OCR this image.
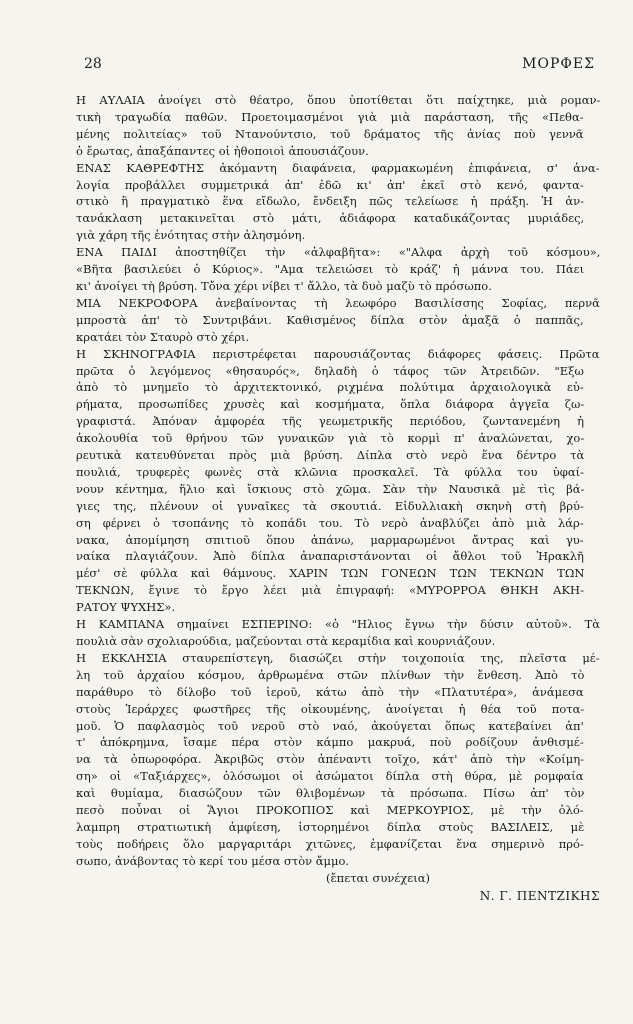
28	ΜΟΡΦΕΣ

Η ΑΥΛΑΙΑ ἀνοίγει στὸ θέατρο, ὅπου ὑποτίθεται ὅτι παίχτηκε, μιὰ ρομαν-
τικὴ τραγωδία παθῶν. Προετοιμασμένοι γιὰ μιὰ παράσταση, τῆς «Πεθα-
μένης πολιτείας» τοῦ Ντανούντσιο, τοῦ δράματος τῆς ἀνίας ποὺ γεννᾶ
ὁ ἔρωτας, ἀπαξάπαντες οἱ ἠθοποιοὶ ἀπουσιάζουν.

ΕΝΑΣ ΚΑΘΡΕΦΤΗΣ ἀκόμαντη διαφάνεια, φαρμακωμένη ἐπιφάνεια, σ' ἀνα-
λογία προβάλλει συμμετρικά ἀπ' ἐδῶ κι' ἀπ' ἐκεῖ στὸ κενό, φαντα-
στικὸ ἢ πραγματικὸ ἕνα εἴδωλο, ἔνδειξη πῶς τελείωσε ἡ πράξη. Ἡ ἀν-
τανάκλαση μετακινεῖται στὸ μάτι, ἀδιάφορα καταδικάζοντας μυριάδες,
γιὰ χάρη τῆς ἑνότητας στὴν ἀλησμόνη.

ΕΝΑ ΠΑΙΔΙ ἀποστηθίζει τὴν «ἀλφαβῆτα»: «"Αλφα ἀρχὴ τοῦ κόσμου»,
«Βῆτα βασιλεύει ὁ Κύριος». "Αμα τελειώσει τὸ κράζ' ἡ μάννα του. Πάει
κι' ἀνοίγει τὴ βρύση. Τὄνα χέρι νίβει τ' ἄλλο, τὰ δυὸ μαζὺ τὸ πρόσωπο.

ΜΙΑ ΝΕΚΡΟΦΟΡΑ ἀνεβαίνοντας τὴ λεωφόρο Βασιλίσσης Σοφίας, περνᾶ
μπροστὰ ἀπ' τὸ Συντριβάνι. Καθισμένος δίπλα στὸν ἀμαξᾶ ὁ παππᾶς,
κρατάει τὸν Σταυρὸ στὸ χέρι.

Η ΣΚΗΝΟΓΡΑΦΙΑ περιστρέφεται παρουσιάζοντας διάφορες φάσεις. Πρῶτα
πρῶτα ὁ λεγόμενος «θησαυρός», δηλαδὴ ὁ τάφος τῶν Ἀτρειδῶν. "Εξω
ἀπὸ τὸ μνημεῖο τὸ ἀρχιτεκτονικό, ριχμένα πολύτιμα ἀρχαιολογικὰ εὑ-
ρήματα, προσωπίδες χρυσὲς καὶ κοσμήματα, ὅπλα διάφορα ἀγγεῖα ζω-
γραφιστά. Ἀπόναν ἀμφορέα τῆς γεωμετρικῆς περιόδου, ζωντανεμένη ἡ
ἀκολουθία τοῦ θρήνου τῶν γυναικῶν γιὰ τὸ κορμὶ π' ἀναλώνεται, χο-
ρευτικὰ κατευθύνεται πρὸς μιὰ βρύση. Δίπλα στὸ νερὸ ἕνα δέντρο τὰ
πουλιά, τρυφερὲς φωνὲς στὰ κλῶνια προσκαλεῖ. Τὰ φύλλα του ὑφαί-
νουν κέντημα, ἥλιο καὶ ἴσκιους στὸ χῶμα. Σὰν τὴν Ναυσικᾶ μὲ τὶς βά-
γιες της, πλένουν οἱ γυναῖκες τὰ σκουτιά. Εἰδυλλιακὴ σκηνὴ στὴ βρύ-
ση φέρνει ὁ τσοπάνης τὸ κοπάδι του. Τὸ νερὸ ἀναβλύζει ἀπὸ μιὰ λάρ-
νακα, ἀπομίμηση σπιτιοῦ ὅπου ἀπάνω, μαρμαρωμένοι ἄντρας καὶ γυ-
ναίκα πλαγιάζουν. Ἀπὸ δίπλα ἀναπαριστάνονται οἱ ἄθλοι τοῦ Ἡρακλῆ
μέσ' σὲ φύλλα καὶ θάμνους. ΧΑΡΙΝ ΤΩΝ ΓΟΝΕΩΝ ΤΩΝ ΤΕΚΝΩΝ ΤΩΝ
ΤΕΚΝΩΝ, ἔγινε τὸ ἔργο λέει μιὰ ἐπιγραφή: «ΜΥΡΟΡΡΟΑ ΘΗΚΗ ΑΚΗ-
ΡΑΤΟΥ ΨΥΧΗΣ».

Η ΚΑΜΠΑΝΑ σημαίνει ΕΣΠΕΡΙΝΟ: «ὁ "Ηλιος ἔγνω τὴν δύσιν αὐτοῦ». Τὰ
πουλιὰ σὰν σχολιαρούδια, μαζεύονται στὰ κεραμίδια καὶ κουρνιάζουν.

Η ΕΚΚΛΗΣΙΑ σταυρεπίστεγη, διασώζει στὴν τοιχοποιία της, πλεῖστα μέ-
λη τοῦ ἀρχαίου κόσμου, ἀρθρωμένα στῶν πλίνθων τὴν ἔνθεση. Ἀπὸ τὸ
παράθυρο τὸ δίλοβο τοῦ ἱεροῦ, κάτω ἀπὸ τὴν «Πλατυτέρα», ἀνάμεσα
στοὺς Ἱεράρχες φωστῆρες τῆς οἰκουμένης, ἀνοίγεται ἡ θέα τοῦ ποτα-
μοῦ. Ὁ παφλασμὸς τοῦ νεροῦ στὸ ναό, ἀκούγεται ὅπως κατεβαίνει ἀπ'
τ' ἀπόκρημνα, ἴσαμε πέρα στὸν κάμπο μακρυά, ποὺ ροδίζουν ἀνθισμέ-
να τὰ ὀπωροφόρα. Ἀκριβῶς στὸν ἀπέναντι τοῖχο, κάτ' ἀπὸ τὴν «Κοίμη-
ση» οἱ «Ταξιάρχες», ὁλόσωμοι οἱ ἀσώματοι δίπλα στὴ θύρα, μὲ ρομφαία
καὶ θυμίαμα, διασώζουν τῶν θλιβομένων τὰ πρόσωπα. Πίσω ἀπ' τὸν
πεσὸ ποὖναι οἱ Ἅγιοι ΠΡΟΚΟΠΙΟΣ καὶ ΜΕΡΚΟΥΡΙΟΣ, μὲ τὴν ὁλό-
λαμπρη στρατιωτικὴ ἀμφίεση, ἱστορημένοι δίπλα στοὺς ΒΑΣΙΛΕΙΣ, μὲ
τοὺς ποδήρεις ὅλο μαργαριτάρι χιτῶνες, ἐμφανίζεται ἕνα σημερινὸ πρό-
σωπο, ἀνάβοντας τὸ κερί του μέσα στὸν ἄμμο.

(ἔπεται συνέχεια)

Ν. Γ. ΠΕΝΤΖΙΚΗΣ
